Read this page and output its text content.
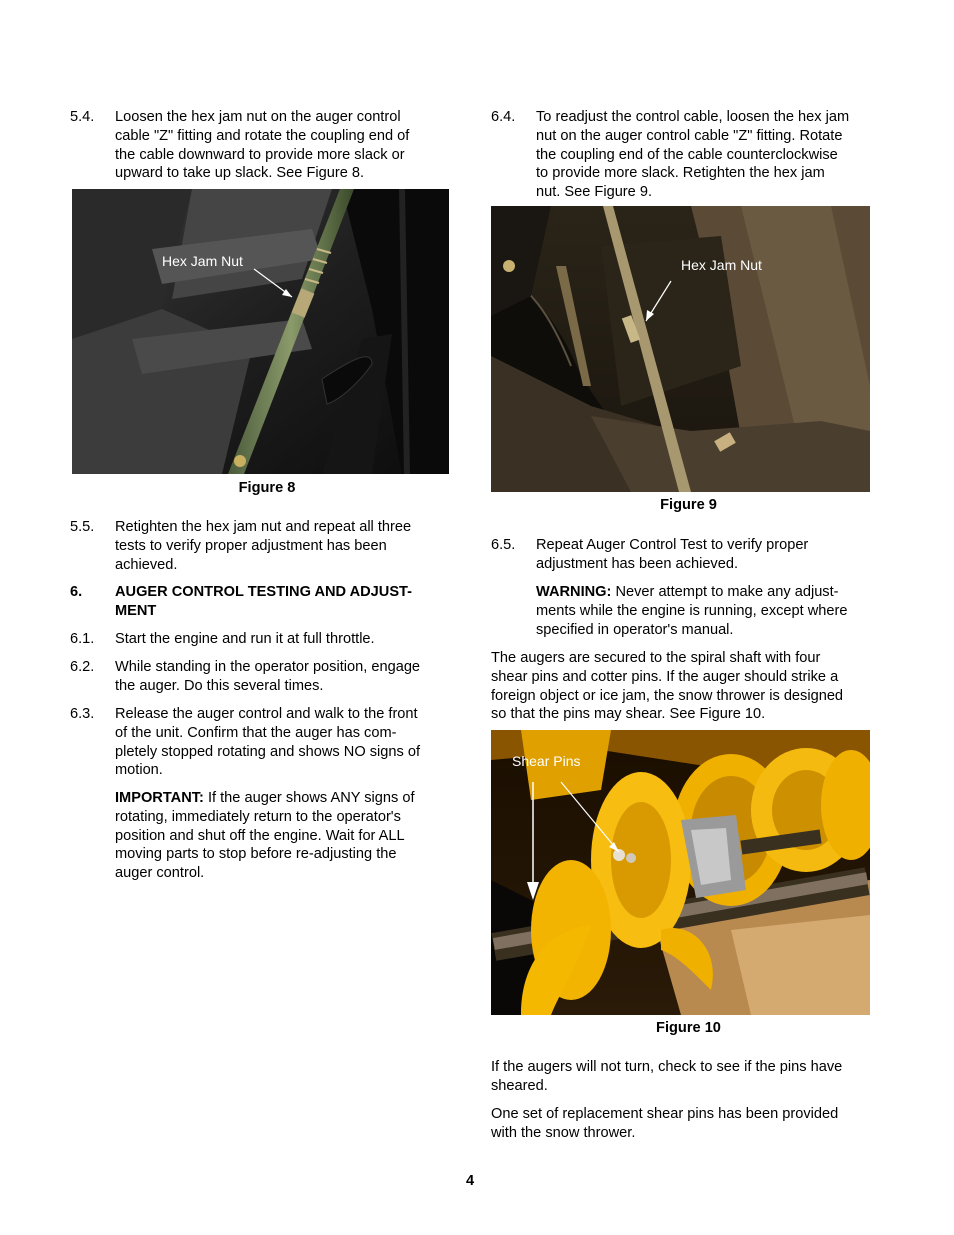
5.4. Loosen the hex jam nut on the auger control
cable "Z" fitting and rotate the coupling end of
the cable downward to provide more slack or
upward to take up slack. See Figure 8.
Hex Jam Nut
Figure 8
5.5. Retighten the hex jam nut and repeat all three
tests to verify proper adjustment has been
achieved.
6. AUGER CONTROL TESTING AND ADJUST-
MENT
6.1. Start the engine and run it at full throttle.
6.2. While standing in the operator position, engage
the auger. Do this several times.
6.3. Release the auger control and walk to the front
of the unit. Confirm that the auger has com-
pletely stopped rotating and shows NO signs of
motion.
IMPORTANT: If the auger shows ANY signs of
rotating, immediately return to the operator's
position and shut off the engine. Wait for ALL
moving parts to stop before re-adjusting the
auger control.
6.4. To readjust the control cable, loosen the hex jam
nut on the auger control cable "Z" fitting. Rotate
the coupling end of the cable counterclockwise
to provide more slack. Retighten the hex jam
nut. See Figure 9.
Hex Jam Nut
Figure 9
6.5. Repeat Auger Control Test to verify proper
adjustment has been achieved.
WARNING: Never attempt to make any adjust-
ments while the engine is running, except where
specified in operator's manual.
The augers are secured to the spiral shaft with four
shear pins and cotter pins. If the auger should strike a
foreign object or ice jam, the snow thrower is designed
so that the pins may shear. See Figure 10.
Shear Pins
Figure 10
If the augers will not turn, check to see if the pins have
sheared.
One set of replacement shear pins has been provided
with the snow thrower.
4
